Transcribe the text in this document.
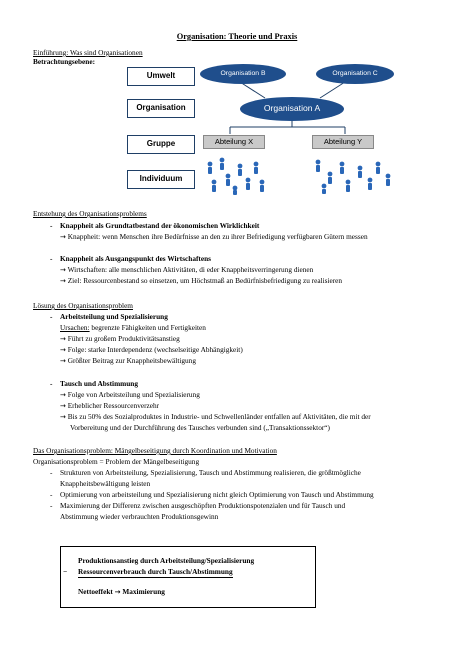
Organisation: Theorie und Praxis
Einführung: Was sind Organisationen
Betrachtungsebene:
Umwelt
Organisation
Gruppe
Individuum
Organisation B	Organisation C
Organisation A
Abteilung X	Abteilung Y
Entstehung des Organisationsproblems
- Knappheit als Grundtatbestand der ökonomischen Wirklichkeit
→ Knappheit: wenn Menschen ihre Bedürfnisse an den zu ihrer Befriedigung verfügbaren Gütern messen
- Knappheit als Ausgangspunkt des Wirtschaftens
→ Wirtschaften: alle menschlichen Aktivitäten, di eder Knappheitsverringerung dienen
→ Ziel: Ressourcenbestand so einsetzen, um Höchstmaß an Bedürfnisbefriedigung zu realisieren
Lösung des Organisationsproblem
- Arbeitsteilung und Spezialisierung
Ursachen: begrenzte Fähigkeiten und Fertigkeiten
→ Führt zu großem Produktivitätsanstieg
→ Folge: starke Interdependenz (wechselseitige Abhängigkeit)
→ Größter Beitrag zur Knappheitsbewältigung
- Tausch und Abstimmung
→ Folge von Arbeitsteilung und Spezialisierung
→ Erheblicher Ressourcenverzehr
→ Bis zu 50% des Sozialproduktes in Industrie- und Schwellenländer entfallen auf Aktivitäten, die mit der
Vorbereitung und der Durchführung des Tausches verbunden sind („Transaktionssektor“)
Das Organisationsproblem: Mängelbeseitigung durch Koordination und Motivation
Organisationsproblem = Problem der Mängelbeseitigung
- Strukturen von Arbeitsteilung, Spezialisierung, Tausch und Abstimmung realisieren, die größtmögliche
Knappheitsbewältigung leisten
- Optimierung von arbeitsteilung und Spezialisierung nicht gleich Optimierung von Tausch und Abstimmung
- Maximierung der Differenz zwischen ausgeschöpften Produktionspotenzialen und für Tausch und
Abstimmung wieder verbrauchten Produktionsgewinn
Produktionsanstieg durch Arbeitsteilung/Spezialisierung
− Ressourcenverbrauch durch Tausch/Abstimmung
Nettoeffekt → Maximierung
